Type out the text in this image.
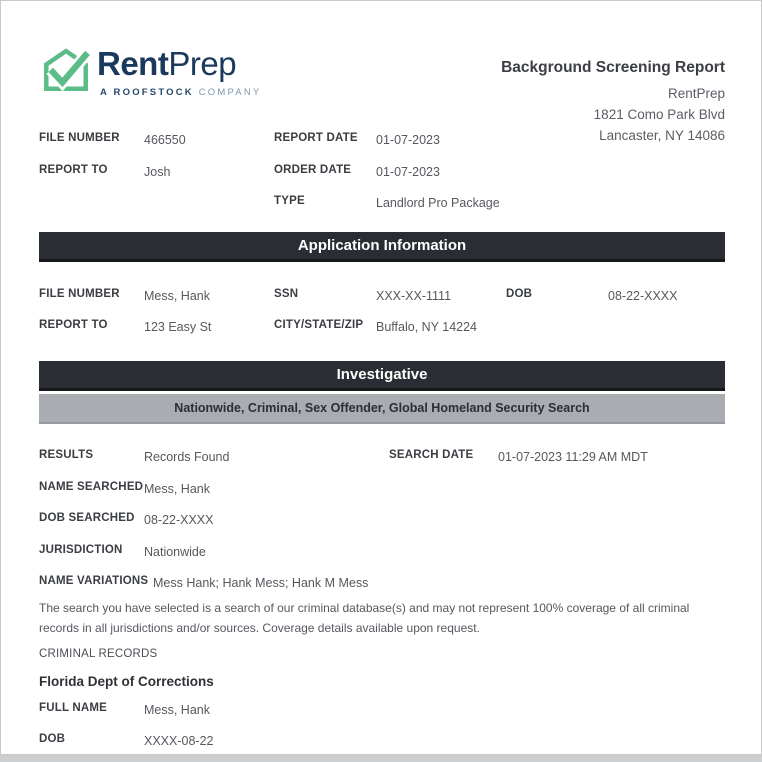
RentPrep
A ROOFSTOCK COMPANY
Background Screening Report
RentPrep
1821 Como Park Blvd
Lancaster, NY 14086
FILE NUMBER 466550	REPORT DATE 01-07-2023
REPORT TO	Josh	ORDER DATE 01-07-2023
TYPE	Landlord Pro Package
Application Information
FILE NUMBER Mess, Hank	SSN	XXX-XX-1111	DOB	08-22-XXXX
REPORT TO	123 Easy St	CITY/STATE/ZIP Buffalo, NY 14224
Investigative
Nationwide, Criminal, Sex Offender, Global Homeland Security Search
RESULTS	Records Found	SEARCH DATE 01-07-2023 11:29 AM MDT
NAME SEARCHED Mess, Hank
DOB SEARCHED 08-22-XXXX
JURISDICTION Nationwide
NAME VARIATIONS Mess Hank; Hank Mess; Hank M Mess
The search you have selected is a search of our criminal database(s) and may not represent 100% coverage of all criminal records in all jurisdictions and/or sources. Coverage details available upon request.
CRIMINAL RECORDS
Florida Dept of Corrections
FULL NAME	Mess, Hank
DOB	XXXX-08-22
